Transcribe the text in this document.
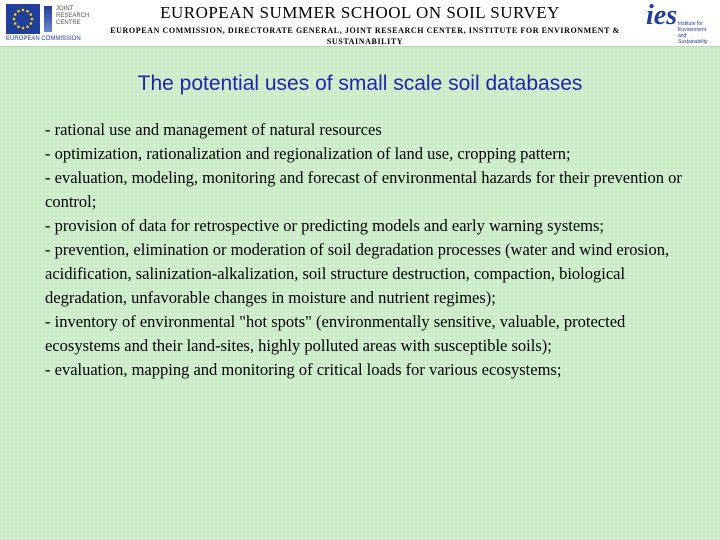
JOINT RESEARCH CENTRE
EUROPEAN COMMISSION
EUROPEAN SUMMER SCHOOL ON SOIL SURVEY
EUROPEAN COMMISSION, DIRECTORATE GENERAL, JOINT RESEARCH CENTER, INSTITUTE FOR ENVIRONMENT & SUSTAINABILITY
ies Institute for
Environment and
Sustainability
The potential uses of small scale soil databases
- rational use and management of natural resources
- optimization, rationalization and regionalization of land use, cropping pattern;
- evaluation, modeling, monitoring and forecast of environmental hazards for their prevention or control;
- provision of data for retrospective or predicting models and early warning systems;
- prevention, elimination or moderation of soil degradation processes (water and wind erosion, acidification, salinization-alkalization, soil structure destruction, compaction, biological degradation, unfavorable changes in moisture and nutrient regimes);
- inventory of environmental "hot spots" (environmentally sensitive, valuable, protected ecosystems and their land-sites, highly polluted areas with susceptible soils);
- evaluation, mapping and monitoring of critical loads for various ecosystems;
